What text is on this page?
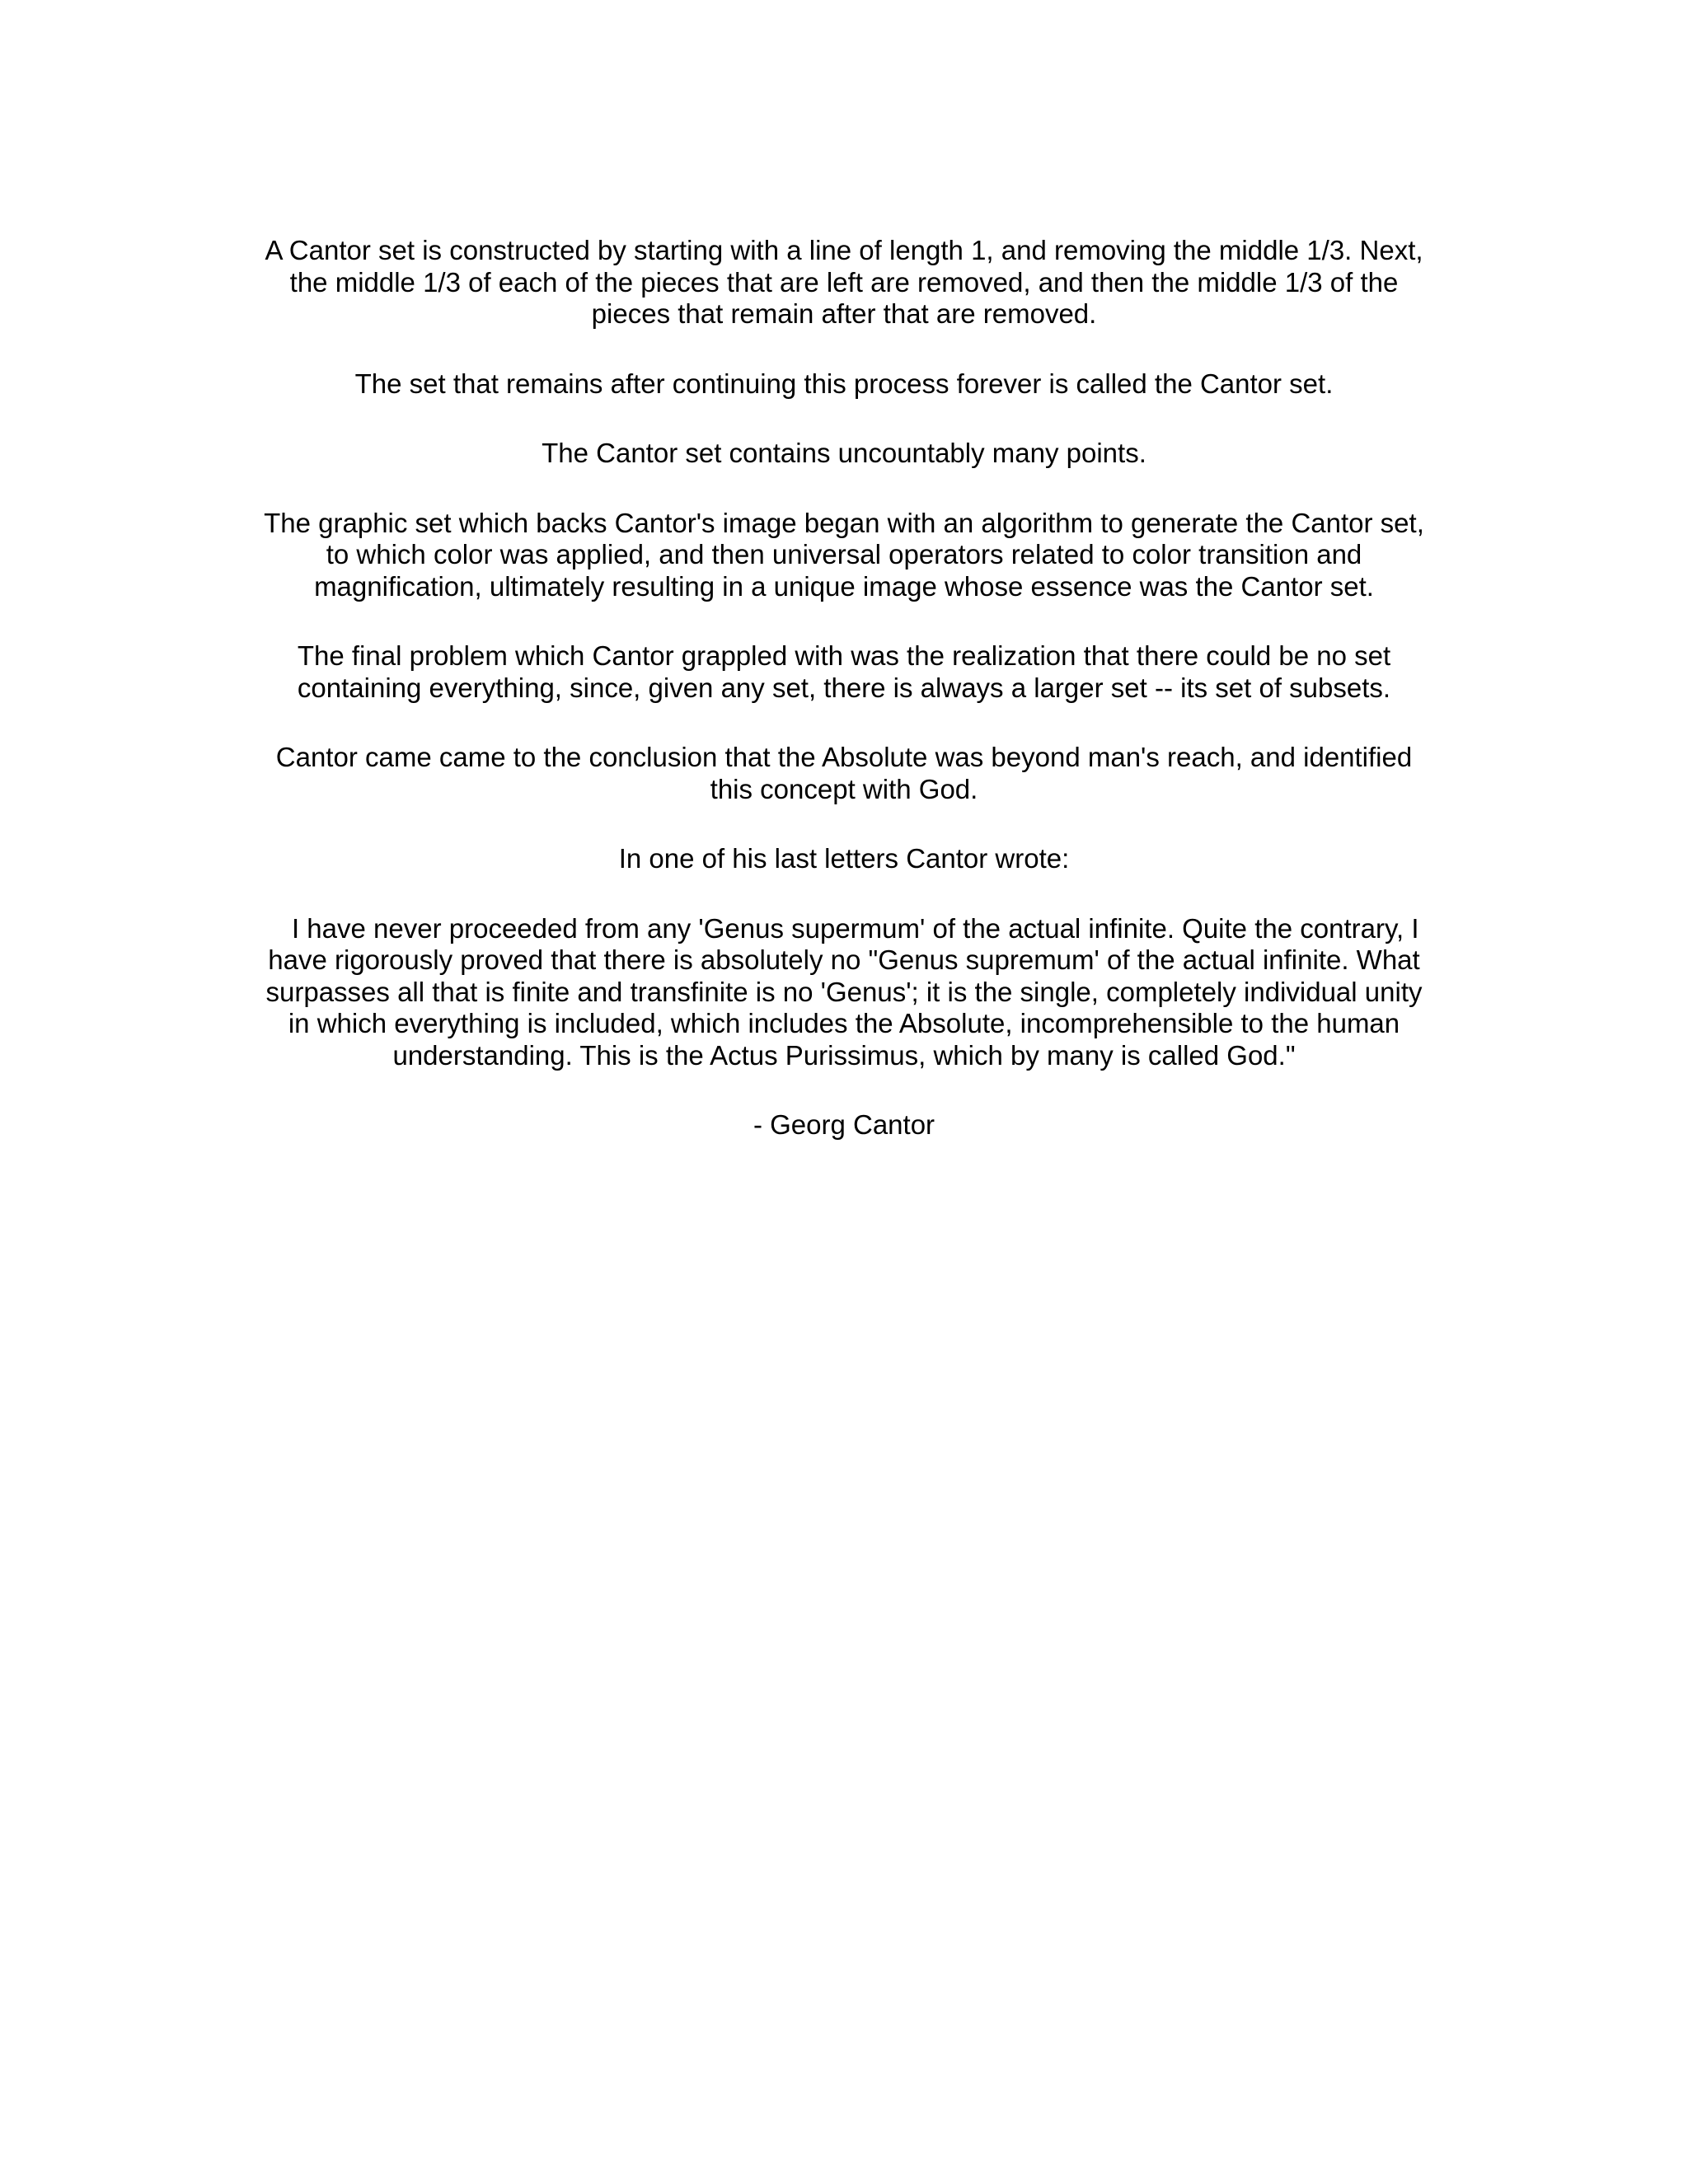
A Cantor set is constructed by starting with a line of length 1, and removing the middle 1/3. Next,
the middle 1/3 of each of the pieces that are left are removed, and then the middle 1/3 of the
pieces that remain after that are removed.

The set that remains after continuing this process forever is called the Cantor set.

The Cantor set contains uncountably many points.

The graphic set which backs Cantor's image began with an algorithm to generate the Cantor set,
to which color was applied, and then universal operators related to color transition and
magnification, ultimately resulting in a unique image whose essence was the Cantor set.

The final problem which Cantor grappled with was the realization that there could be no set
containing everything, since, given any set, there is always a larger set -- its set of subsets.

Cantor came came to the conclusion that the Absolute was beyond man's reach, and identified
this concept with God.

In one of his last letters Cantor wrote:

I have never proceeded from any 'Genus supermum' of the actual infinite. Quite the contrary, I
have rigorously proved that there is absolutely no "Genus supremum' of the actual infinite. What
surpasses all that is finite and transfinite is no 'Genus'; it is the single, completely individual unity
in which everything is included, which includes the Absolute, incomprehensible to the human
understanding. This is the Actus Purissimus, which by many is called God."

- Georg Cantor
